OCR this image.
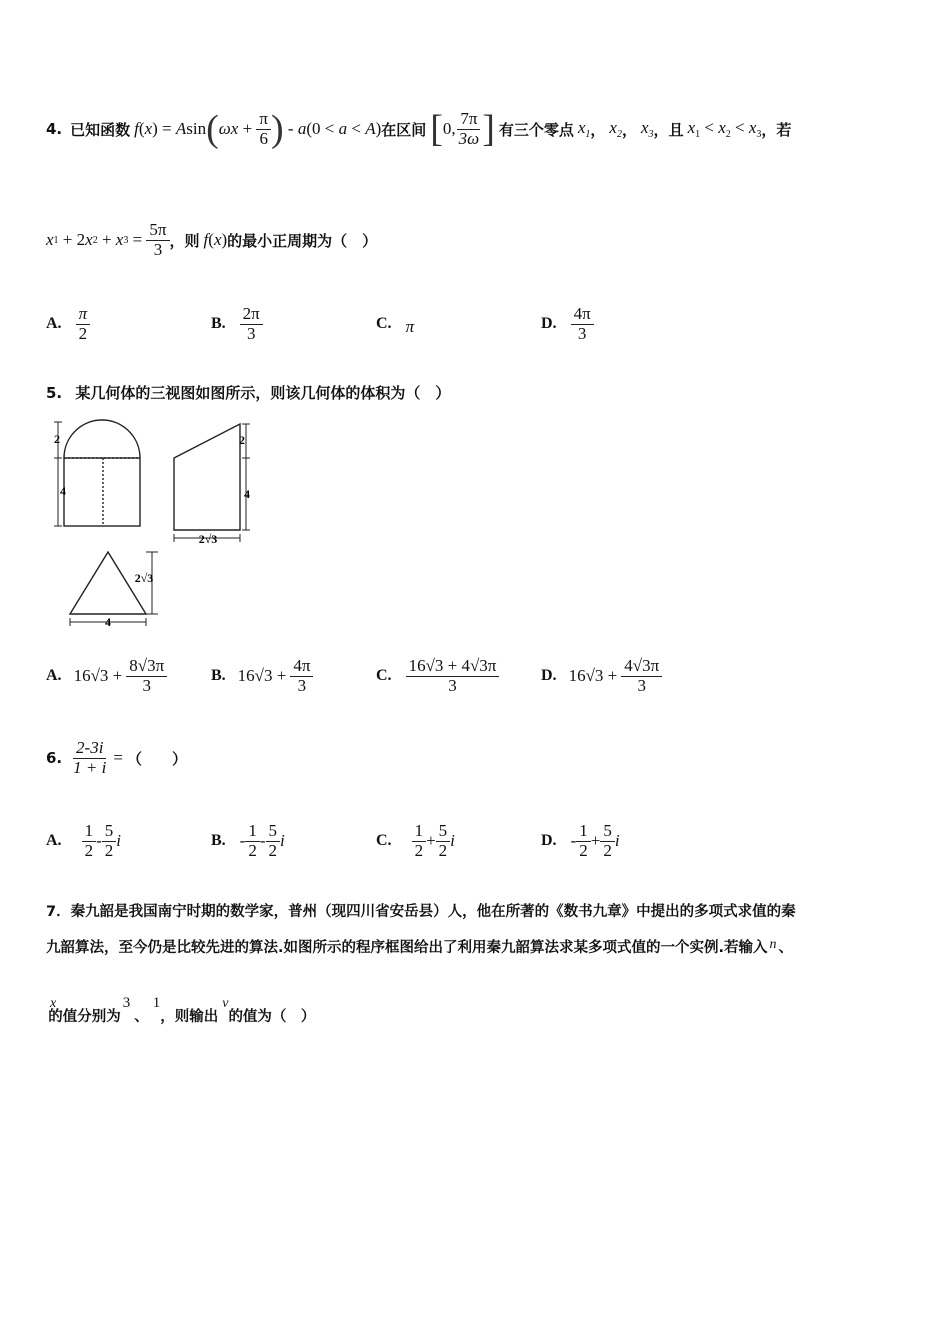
4. 已知函数 f ( x ) = A sin ( $\omega x + \frac{\pi}{6}$ ) - a ( 0 < a < A ) 在区间 [ 0, $\frac{7\pi}{3\omega}$ ] 有三个零点 $x_1$ ， $x_2$ ， $x_3$ ， 且 $x_1 < x_2 < x_3$ ， 若
x 1 + 2 x 2 + x $3 = \frac{5\pi}{3}$ ， 则 f(x) 的最小正周期为（　）
A. $\frac{\pi}{2}$	B. $\frac{2\pi}{3}$	C. π	D. $\frac{4\pi}{3}$
5. 某几何体的三视图如图所示，则该几何体的体积为（　）
2
4
2
4
2√3
2√3
4
A. $16√3 + \frac{8√3\pi}{3}$	B. $16√3 + \frac{4\pi}{3}$	C. $\frac{16√3 + 4√3\pi}{3}$	D. $16√3 + \frac{4√3\pi}{3}$
6. $\frac{2-3i}{1 + i}$ = （　　）
A. $\frac{1}{2} - \frac{5}{2}$ i	B. - $\frac{1}{2} - \frac{5}{2}$ i	C. $\frac{1}{2} + \frac{5}{2}$ i	D. - $\frac{1}{2} + \frac{5}{2}$ i
7．秦九韶是我国南宁时期的数学家，普州（现四川省安岳县）人，他在所著的《数书九章》中提出的多项式求值的秦
九韶算法，至今仍是比较先进的算法.如图所示的程序框图给出了利用秦九韶算法求某多项式值的一个实例.若输入 n 、
x
的值分别为
3
、
1
，则输出
v
的值为（　）
